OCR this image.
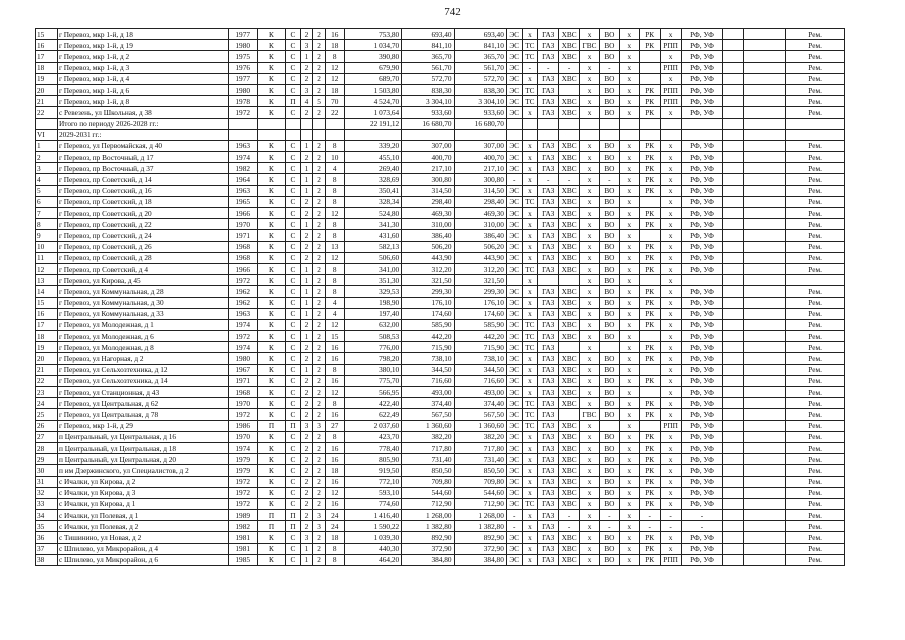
742
15	г Перевоз, мкр 1-й, д 18	1977	К	С	2	2	16	753,80	693,40	693,40	ЭС	х	ГАЗ	ХВС	х	ВО	х	РК	х	РФ, УФ			Рем.
16	г Перевоз, мкр 1-й, д 19	1980	К	С	3	2	18	1 034,70	841,10	841,10	ЭС	ТС	ГАЗ	ХВС	ГВС	ВО	х	РК	РПП	РФ, УФ			Рем.
17	г Перевоз, мкр 1-й, д 2	1975	К	С	1	2	8	390,80	365,70	365,70	ЭС	ТС	ГАЗ	ХВС	х	ВО	х		х	РФ, УФ			Рем.
18	г Перевоз, мкр 1-й, д 3	1976	К	С	2	2	12	679,90	561,70	561,70	ЭС	-	-	-	х	-	х		РПП	РФ, УФ			Рем.
19	г Перевоз, мкр 1-й, д 4	1977	К	С	2	2	12	689,70	572,70	572,70	ЭС	х	ГАЗ	ХВС	х	ВО	х		х	РФ, УФ			Рем.
20	г Перевоз, мкр 1-й, д 6	1980	К	С	3	2	18	1 503,80	838,30	838,30	ЭС	ТС	ГАЗ		х	ВО	х	РК	РПП	РФ, УФ			Рем.
21	г Перевоз, мкр 1-й, д 8	1978	К	П	4	5	70	4 524,70	3 304,10	3 304,10	ЭС	ТС	ГАЗ	ХВС	х	ВО	х	РК	РПП	РФ, УФ			Рем.
22	с Ревезень, ул Школьная, д 38	1972	К	С	2	2	22	1 073,64	933,60	933,60	ЭС	х	ГАЗ	ХВС	х	ВО	х	РК	х	РФ, УФ			Рем.
	Итого по периоду 2026-2028 гг.:							22 191,12	16 680,70	16 680,70													
VI	2029-2031 гг.:																						
1	г Перевоз, ул Первомайская, д 40	1963	К	С	1	2	8	339,20	307,00	307,00	ЭС	х	ГАЗ	ХВС	х	ВО	х	РК	х	РФ, УФ			Рем.
2	г Перевоз, пр Восточный, д 17	1974	К	С	2	2	10	455,10	400,70	400,70	ЭС	х	ГАЗ	ХВС	х	ВО	х	РК	х	РФ, УФ			Рем.
3	г Перевоз, пр Восточный, д 37	1982	К	С	1	2	4	269,40	217,10	217,10	ЭС	х	ГАЗ	ХВС	х	ВО	х	РК	х	РФ, УФ			Рем.
4	г Перевоз, пр Советский, д 14	1964	К	С	1	2	8	328,69	300,80	300,80	-	х	-	-	х	-	х	РК	х	РФ, УФ			Рем.
5	г Перевоз, пр Советский, д 16	1963	К	С	1	2	8	350,41	314,50	314,50	ЭС	х	ГАЗ	ХВС	х	ВО	х	РК	х	РФ, УФ			Рем.
6	г Перевоз, пр Советский, д 18	1965	К	С	2	2	8	328,34	298,40	298,40	ЭС	ТС	ГАЗ	ХВС	х	ВО	х		х	РФ, УФ			Рем.
7	г Перевоз, пр Советский, д 20	1966	К	С	2	2	12	524,80	469,30	469,30	ЭС	х	ГАЗ	ХВС	х	ВО	х	РК	х	РФ, УФ			Рем.
8	г Перевоз, пр Советский, д 22	1970	К	С	1	2	8	341,30	310,00	310,00	ЭС	х	ГАЗ	ХВС	х	ВО	х	РК	х	РФ, УФ			Рем.
9	г Перевоз, пр Советский, д 24	1971	К	С	2	2	8	431,60	386,40	386,40	ЭС	х	ГАЗ	ХВС	х	ВО	х		х	РФ, УФ			Рем.
10	г Перевоз, пр Советский, д 26	1968	К	С	2	2	13	582,13	506,20	506,20	ЭС	х	ГАЗ	ХВС	х	ВО	х	РК	х	РФ, УФ			Рем.
11	г Перевоз, пр Советский, д 28	1968	К	С	2	2	12	506,60	443,90	443,90	ЭС	х	ГАЗ	ХВС	х	ВО	х	РК	х	РФ, УФ			Рем.
12	г Перевоз, пр Советский, д 4	1966	К	С	1	2	8	341,00	312,20	312,20	ЭС	ТС	ГАЗ	ХВС	х	ВО	х	РК	х	РФ, УФ			Рем.
13	г Перевоз, ул Кирова, д 45	1972	К	С	1	2	8	351,30	321,50	321,50		х			х	ВО	х		х				
14	г Перевоз, ул Коммунальная, д 28	1962	К	С	1	2	8	329,53	299,30	299,30	ЭС	х	ГАЗ	ХВС	х	ВО	х	РК	х	РФ, УФ			Рем.
15	г Перевоз, ул Коммунальная, д 30	1962	К	С	1	2	4	198,90	176,10	176,10	ЭС	х	ГАЗ	ХВС	х	ВО	х	РК	х	РФ, УФ			Рем.
16	г Перевоз, ул Коммунальная, д 33	1963	К	С	1	2	4	197,40	174,60	174,60	ЭС	х	ГАЗ	ХВС	х	ВО	х	РК	х	РФ, УФ			Рем.
17	г Перевоз, ул Молодежная, д 1	1974	К	С	2	2	12	632,00	585,90	585,90	ЭС	ТС	ГАЗ	ХВС	х	ВО	х	РК	х	РФ, УФ			Рем.
18	г Перевоз, ул Молодежная, д 6	1972	К	С	1	2	15	508,53	442,20	442,20	ЭС	ТС	ГАЗ	ХВС	х	ВО	х		х	РФ, УФ			Рем.
19	г Перевоз, ул Молодежная, д 8	1974	К	С	2	2	16	776,00	715,90	715,90	ЭС	ТС	ГАЗ		х		х	РК	х	РФ, УФ			Рем.
20	г Перевоз, ул Нагорная, д 2	1980	К	С	2	2	16	798,20	738,10	738,10	ЭС	х	ГАЗ	ХВС	х	ВО	х	РК	х	РФ, УФ			Рем.
21	г Перевоз, ул Сельхозтехника, д 12	1967	К	С	1	2	8	380,10	344,50	344,50	ЭС	х	ГАЗ	ХВС	х	ВО	х		х	РФ, УФ			Рем.
22	г Перевоз, ул Сельхозтехника, д 14	1971	К	С	2	2	16	775,70	716,60	716,60	ЭС	х	ГАЗ	ХВС	х	ВО	х	РК	х	РФ, УФ			Рем.
23	г Перевоз, ул Станционная, д 43	1968	К	С	2	2	12	566,95	493,00	493,00	ЭС	х	ГАЗ	ХВС	х	ВО	х		х	РФ, УФ			Рем.
24	г Перевоз, ул Центральная, д 62	1970	К	С	2	2	8	422,40	374,40	374,40	ЭС	ТС	ГАЗ	ХВС	х	ВО	х	РК	х	РФ, УФ			Рем.
25	г Перевоз, ул Центральная, д 78	1972	К	С	2	2	16	622,49	567,50	567,50	ЭС	ТС	ГАЗ		ГВС	ВО	х	РК	х	РФ, УФ			Рем.
26	г Перевоз, мкр 1-й, д 29	1986	П	П	3	3	27	2 037,60	1 360,60	1 360,60	ЭС	ТС	ГАЗ	ХВС	х		х		РПП	РФ, УФ			Рем.
27	п Центральный, ул Центральная, д 16	1970	К	С	2	2	8	423,70	382,20	382,20	ЭС	х	ГАЗ	ХВС	х	ВО	х	РК	х	РФ, УФ			Рем.
28	п Центральный, ул Центральная, д 18	1974	К	С	2	2	16	778,40	717,80	717,80	ЭС	х	ГАЗ	ХВС	х	ВО	х	РК	х	РФ, УФ			Рем.
29	п Центральный, ул Центральная, д 20	1979	К	С	2	2	16	805,90	731,40	731,40	ЭС	х	ГАЗ	ХВС	х	ВО	х	РК	х	РФ, УФ			Рем.
30	п им Дзержинского, ул Специалистов, д 2	1979	К	С	2	2	18	919,50	850,50	850,50	ЭС	х	ГАЗ	ХВС	х	ВО	х	РК	х	РФ, УФ			Рем.
31	с Ичалки, ул Кирова, д 2	1972	К	С	2	2	16	772,10	709,80	709,80	ЭС	х	ГАЗ	ХВС	х	ВО	х	РК	х	РФ, УФ			Рем.
32	с Ичалки, ул Кирова, д 3	1972	К	С	2	2	12	593,10	544,60	544,60	ЭС	х	ГАЗ	ХВС	х	ВО	х	РК	х	РФ, УФ			Рем.
33	с Ичалки, ул Кирова, д 1	1972	К	С	2	2	16	774,60	712,90	712,90	ЭС	ТС	ГАЗ	ХВС	х	ВО	х	РК	х	РФ, УФ			Рем.
34	с Ичалки, ул Полевая, д 1	1989	П	П	2	3	24	1 416,40	1 268,00	1 268,00	-	х	ГАЗ	-	х	-	х	-	-	-			Рем.
35	с Ичалки, ул Полевая, д 2	1982	П	П	2	3	24	1 590,22	1 382,80	1 382,80	-	х	ГАЗ	-	х	-	х	-	-	-			Рем.
36	с Тишинино, ул Новая, д 2	1981	К	С	3	2	18	1 039,30	892,90	892,90	ЭС	х	ГАЗ	ХВС	х	ВО	х	РК	х	РФ, УФ			Рем.
37	с Шпилево, ул Микрорайон, д 4	1981	К	С	1	2	8	440,30	372,90	372,90	ЭС	х	ГАЗ	ХВС	х	ВО	х	РК	х	РФ, УФ			Рем.
38	с Шпилево, ул Микрорайон, д 6	1985	К	С	1	2	8	464,20	384,80	384,80	ЭС	х	ГАЗ	ХВС	х	ВО	х	РК	РПП	РФ, УФ			Рем.
